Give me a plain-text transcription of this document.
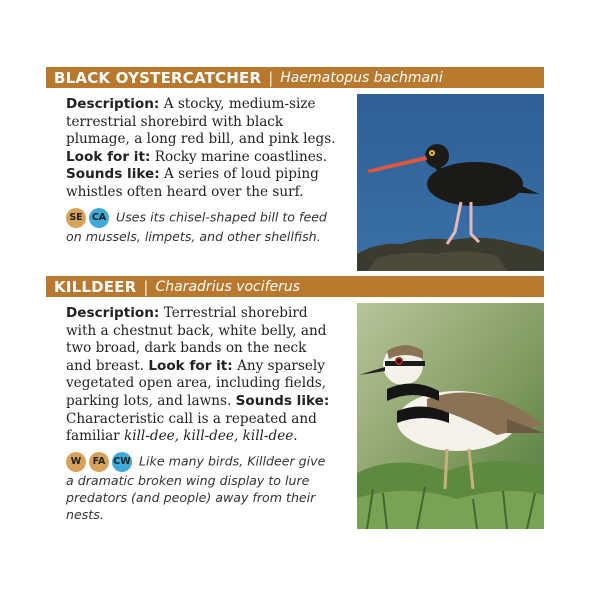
BLACK OYSTERCATCHER | Haematopus bachmani
Description: A stocky, medium-size terrestrial shorebird with black plumage, a long red bill, and pink legs. Look for it: Rocky marine coastlines. Sounds like: A series of loud piping whistles often heard over the surf.
SE CA Uses its chisel-shaped bill to feed on mussels, limpets, and other shellfish.
KILLDEER | Charadrius vociferus
Description: Terrestrial shorebird with a chestnut back, white belly, and two broad, dark bands on the neck and breast. Look for it: Any sparsely vegetated open area, including fields, parking lots, and lawns. Sounds like: Characteristic call is a repeated and familiar kill-dee, kill-dee, kill-dee.
W FA CW Like many birds, Killdeer give a dramatic broken wing display to lure predators (and people) away from their nests.
